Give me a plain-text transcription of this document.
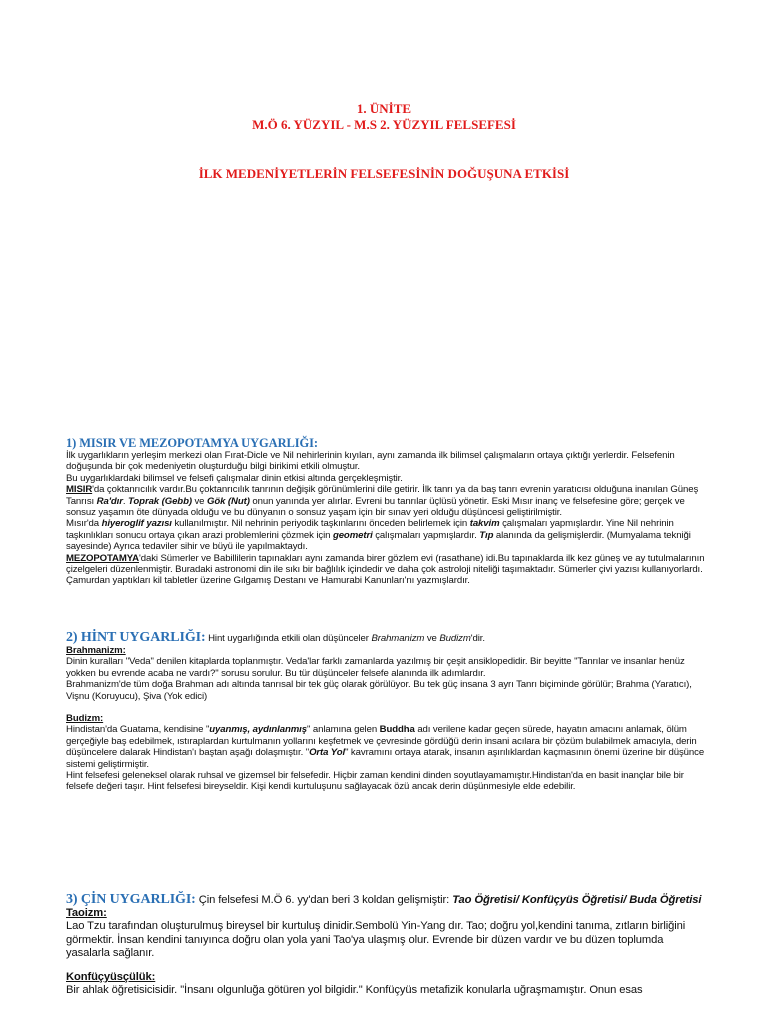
1. ÜNİTE
M.Ö 6. YÜZYIL - M.S 2. YÜZYIL FELSEFESİ
İLK MEDENİYETLERİN FELSEFESİNİN DOĞUŞUNA ETKİSİ
1) MISIR VE MEZOPOTAMYA UYGARLIĞI:
İlk uygarlıkların yerleşim merkezi olan Fırat-Dicle ve Nil nehirlerinin kıyıları, aynı zamanda ilk bilimsel çalışmaların ortaya çıktığı yerlerdir. Felsefenin doğuşunda bir çok medeniyetin oluşturduğu bilgi birikimi etkili olmuştur.
Bu uygarlıklardaki bilimsel ve felsefi çalışmalar dinin etkisi altında gerçekleşmiştir.
MISIR'da çoktanrıcılık vardır.Bu çoktanrıcılık tanrının değişik görünümlerini dile getirir. İlk tanrı ya da baş tanrı evrenin yaratıcısı olduğuna inanılan Güneş Tanrısı Ra'dır. Toprak (Gebb) ve Gök (Nut) onun yanında yer alırlar. Evreni bu tanrılar üçlüsü yönetir. Eski Mısır inanç ve felsefesine göre; gerçek ve sonsuz yaşamın öte dünyada olduğu ve bu dünyanın o sonsuz yaşam için bir sınav yeri olduğu düşüncesi geliştirilmiştir.
Mısır'da hiyeroglif yazısı kullanılmıştır. Nil nehrinin periyodik taşkınlarını önceden belirlemek için takvim çalışmaları yapmışlardır. Yine Nil nehrinin taşkınlıkları sonucu ortaya çıkan arazi problemlerini çözmek için geometri çalışmaları yapmışlardır. Tıp alanında da gelişmişlerdir. (Mumyalama tekniği sayesinde) Ayrıca tedaviler sihir ve büyü ile yapılmaktaydı.
MEZOPOTAMYA'daki Sümerler ve Babillilerin tapınakları aynı zamanda birer gözlem evi (rasathane) idi.Bu tapınaklarda ilk kez güneş ve ay tutulmalarının çizelgeleri düzenlenmiştir. Buradaki astronomi din ile sıkı bir bağlılık içindedir ve daha çok astroloji niteliği taşımaktadır. Sümerler çivi yazısı kullanıyorlardı. Çamurdan yaptıkları kil tabletler üzerine Gılgamış Destanı ve Hamurabi Kanunları'nı yazmışlardır.
2) HİNT UYGARLIĞI: Hint uygarlığında etkili olan düşünceler Brahmanizm ve Budizm'dir.
Brahmanizm:
Dinin kuralları "Veda" denilen kitaplarda toplanmıştır. Veda'lar farklı zamanlarda yazılmış bir çeşit ansiklopedidir. Bir beyitte "Tanrılar ve insanlar henüz yokken bu evrende acaba ne vardı?" sorusu sorulur. Bu tür düşünceler felsefe alanında ilk adımlardır.
Brahmanizm'de tüm doğa Brahman adı altında tanrısal bir tek güç olarak görülüyor. Bu tek güç insana 3 ayrı Tanrı biçiminde görülür; Brahma (Yaratıcı), Vişnu (Koruyucu), Şiva (Yok edici)
Budizm:
Hindistan'da Guatama, kendisine "uyanmış, aydınlanmış" anlamına gelen Buddha adı verilene kadar geçen sürede, hayatın amacını anlamak, ölüm gerçeğiyle baş edebilmek, ıstıraplardan kurtulmanın yollarını keşfetmek ve çevresinde gördüğü derin insani acılara bir çözüm bulabilmek amacıyla, derin düşüncelere dalarak Hindistan'ı baştan aşağı dolaşmıştır. "Orta Yol" kavramını ortaya atarak, insanın aşırılıklardan kaçmasının önemi üzerine bir düşünce sistemi geliştirmiştir.
Hint felsefesi geleneksel olarak ruhsal ve gizemsel bir felsefedir. Hiçbir zaman kendini dinden soyutlayamamıştır.Hindistan'da en basit inançlar bile bir felsefe değeri taşır. Hint felsefesi bireyseldir. Kişi kendi kurtuluşunu sağlayacak özü ancak derin düşünmesiyle elde edebilir.
3) ÇİN UYGARLIĞI: Çin felsefesi M.Ö 6. yy'dan beri 3 koldan gelişmiştir: Tao Öğretisi/ Konfüçyüs Öğretisi/ Buda Öğretisi
Taoizm:
Lao Tzu tarafından oluşturulmuş bireysel bir kurtuluş dinidir.Sembolü Yin-Yang dır. Tao; doğru yol,kendini tanıma, zıtların birliğini görmektir. İnsan kendini tanıyınca doğru olan yola yani Tao'ya ulaşmış olur. Evrende bir düzen vardır ve bu düzen toplumda yasalarla sağlanır.
Konfüçyüsçülük:
Bir ahlak öğretisicisidir. "İnsanı olgunluğa götüren yol bilgidir." Konfüçyüs metafizik konularla uğraşmamıştır. Onun esas
